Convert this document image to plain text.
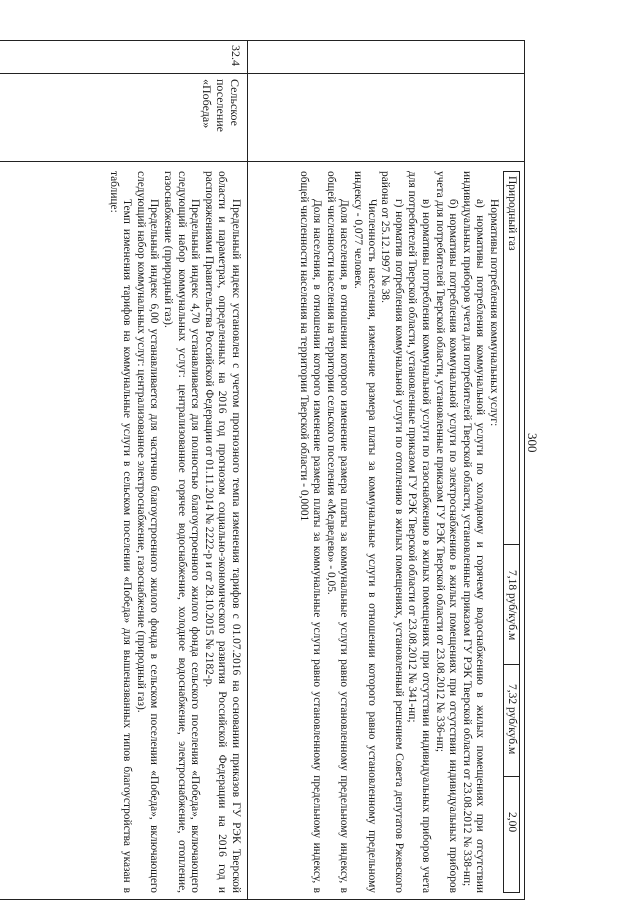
300
Природный газ
7,18 руб/куб.м
7,32 руб/куб.м
2,00

Нормативы потребления коммунальных услуг:

а) нормативы потребления коммунальной услуги по холодному и горячему водоснабжению в жилых помещениях при отсутствии индивидуальных приборов учета для потребителей Тверской области, установленные приказом ГУ РЭК Тверской области от 23.08.2012 № 338-нп;

б) нормативы потребления коммунальной услуги по электроснабжению в жилых помещениях при отсутствии индивидуальных приборов учета для потребителей Тверской области, установленные приказом ГУ РЭК Тверской области от 23.08.2012 № 336-нп;

в) нормативы потребления коммунальной услуги по газоснабжению в жилых помещениях при отсутствии индивидуальных приборов учета для потребителей Тверской области, установленные приказом ГУ РЭК Тверской области от 23.08.2012 № 341-нп;

г) норматив потребления коммунальной услуги по отоплению в жилых помещениях, установленный решением Совета депутатов Ржевского района от 25.12.1997 № 38.

Численность населения, изменение размера платы за коммунальные услуги в отношении которого равно установленному предельному индексу - 0,077 человек.

Доля населения, в отношении которого изменение размера платы за коммунальные услуги равно установленному предельному индексу, в общей численности населения на территории сельского поселения «Медведево» - 0,05.

Доля населения, в отношении которого изменение размера платы за коммунальные услуги равно установленному предельному индексу, в общей численности населения на территории Тверской области - 0,0001

32.4
Сельское поселение «Победа»

Предельный индекс установлен с учетом прогнозного темпа изменения тарифов с 01.07.2016 на основании приказов ГУ РЭК Тверской области и параметрах, определенных на 2016 год прогнозом социально-экономического развития Российской Федерации на 2016 год и распоряжениями Правительства Российской Федерации от 01.11.2014 № 2222-р и от 28.10.2015 № 2182-р.

Предельный индекс 4,70 устанавливается для полностью благоустроенного жилого фонда сельского поселения «Победа», включающего следующий набор коммунальных услуг: централизованное горячее водоснабжение, холодное водоснабжение, электроснабжение, отопление, газоснабжение (природный газ).

Предельный индекс 6,00 устанавливается для частично благоустроенного жилого фонда в сельском поселении «Победа», включающего следующий набор коммунальных услуг: централизованное электроснабжение, газоснабжение (природный газ).

Темп изменения тарифов на коммунальные услуги в сельском поселении «Победа» для вышеназванных типов благоустройства указан в таблице:
